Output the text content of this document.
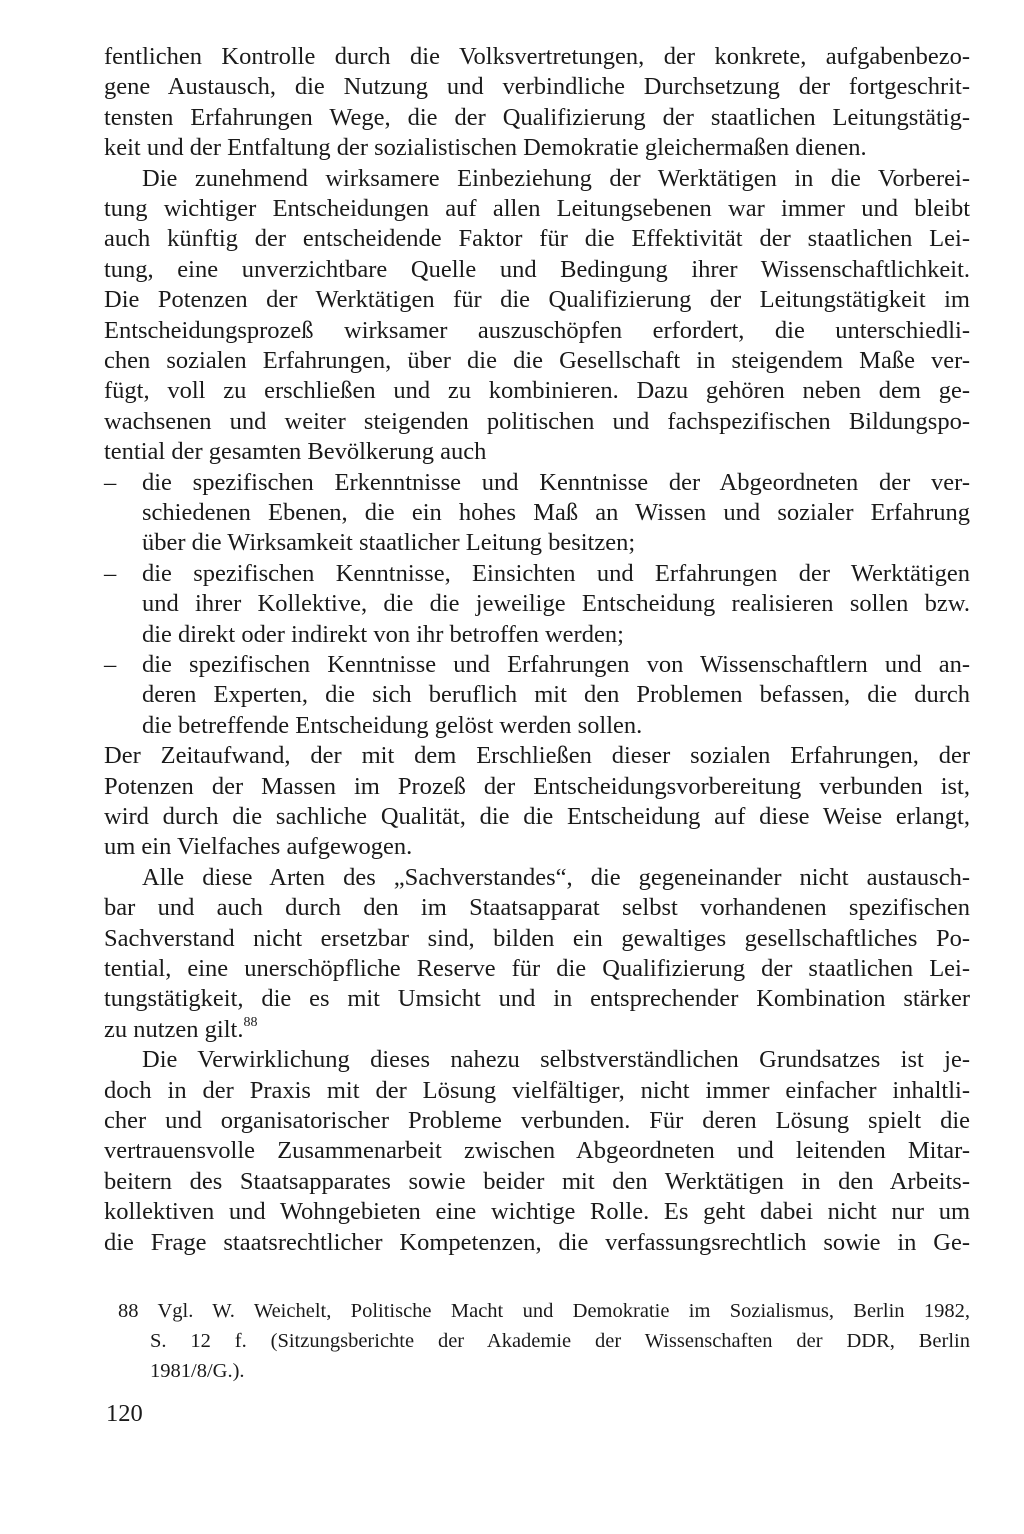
fentlichen Kontrolle durch die Volksvertretungen, der konkrete, aufgabenbezo-
gene Austausch, die Nutzung und verbindliche Durchsetzung der fortgeschrit-
tensten Erfahrungen Wege, die der Qualifizierung der staatlichen Leitungstätig-
keit und der Entfaltung der sozialistischen Demokratie gleichermaßen dienen.
Die zunehmend wirksamere Einbeziehung der Werktätigen in die Vorberei-
tung wichtiger Entscheidungen auf allen Leitungsebenen war immer und bleibt
auch künftig der entscheidende Faktor für die Effektivität der staatlichen Lei-
tung, eine unverzichtbare Quelle und Bedingung ihrer Wissenschaftlichkeit.
Die Potenzen der Werktätigen für die Qualifizierung der Leitungstätigkeit im
Entscheidungsprozeß wirksamer auszuschöpfen erfordert, die unterschiedli-
chen sozialen Erfahrungen, über die die Gesellschaft in steigendem Maße ver-
fügt, voll zu erschließen und zu kombinieren. Dazu gehören neben dem ge-
wachsenen und weiter steigenden politischen und fachspezifischen Bildungspo-
tential der gesamten Bevölkerung auch
– die spezifischen Erkenntnisse und Kenntnisse der Abgeordneten der ver-
schiedenen Ebenen, die ein hohes Maß an Wissen und sozialer Erfahrung
über die Wirksamkeit staatlicher Leitung besitzen;
– die spezifischen Kenntnisse, Einsichten und Erfahrungen der Werktätigen
und ihrer Kollektive, die die jeweilige Entscheidung realisieren sollen bzw.
die direkt oder indirekt von ihr betroffen werden;
– die spezifischen Kenntnisse und Erfahrungen von Wissenschaftlern und an-
deren Experten, die sich beruflich mit den Problemen befassen, die durch
die betreffende Entscheidung gelöst werden sollen.
Der Zeitaufwand, der mit dem Erschließen dieser sozialen Erfahrungen, der
Potenzen der Massen im Prozeß der Entscheidungsvorbereitung verbunden ist,
wird durch die sachliche Qualität, die die Entscheidung auf diese Weise erlangt,
um ein Vielfaches aufgewogen.
Alle diese Arten des „Sachverstandes“, die gegeneinander nicht austausch-
bar und auch durch den im Staatsapparat selbst vorhandenen spezifischen
Sachverstand nicht ersetzbar sind, bilden ein gewaltiges gesellschaftliches Po-
tential, eine unerschöpfliche Reserve für die Qualifizierung der staatlichen Lei-
tungstätigkeit, die es mit Umsicht und in entsprechender Kombination stärker
zu nutzen gilt.$^{88}$
Die Verwirklichung dieses nahezu selbstverständlichen Grundsatzes ist je-
doch in der Praxis mit der Lösung vielfältiger, nicht immer einfacher inhaltli-
cher und organisatorischer Probleme verbunden. Für deren Lösung spielt die
vertrauensvolle Zusammenarbeit zwischen Abgeordneten und leitenden Mitar-
beitern des Staatsapparates sowie beider mit den Werktätigen in den Arbeits-
kollektiven und Wohngebieten eine wichtige Rolle. Es geht dabei nicht nur um
die Frage staatsrechtlicher Kompetenzen, die verfassungsrechtlich sowie in Ge-
88 Vgl. W. Weichelt, Politische Macht und Demokratie im Sozialismus, Berlin 1982,
S. 12 f. (Sitzungsberichte der Akademie der Wissenschaften der DDR, Berlin
1981/8/G.).
120
